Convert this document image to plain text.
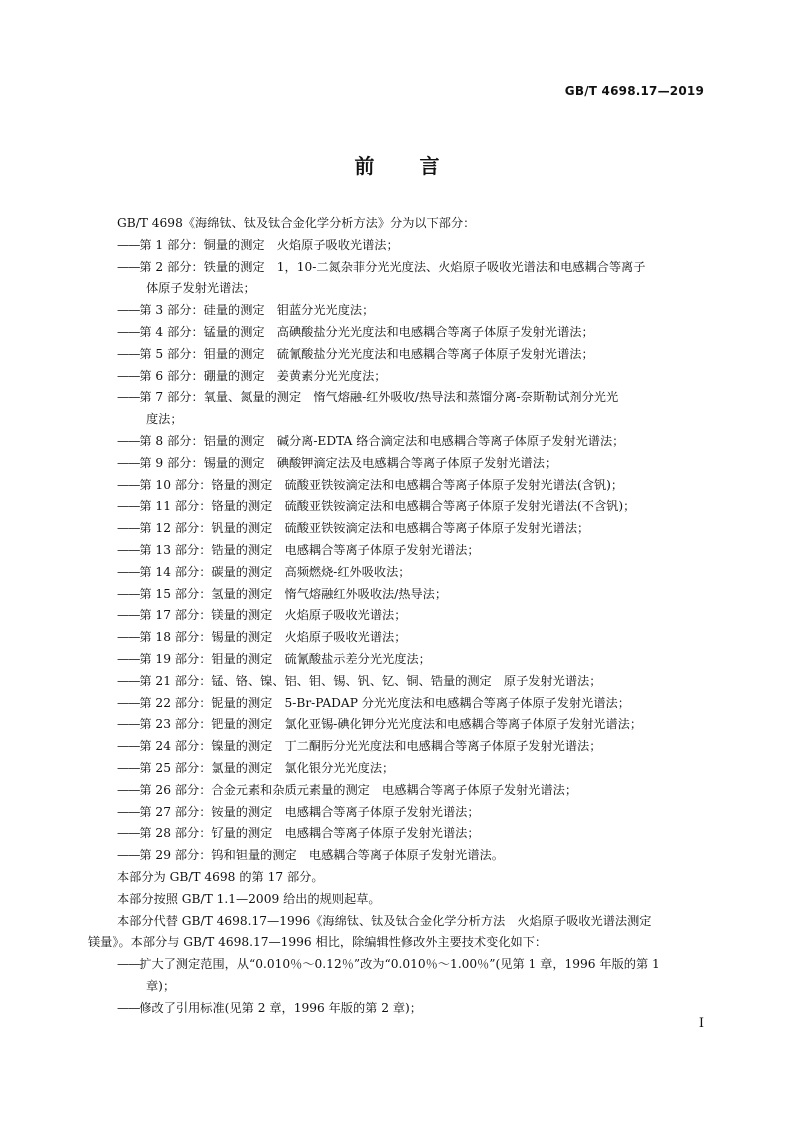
GB/T 4698.17—2019
前 言
GB/T 4698《海绵钛、钛及钛合金化学分析方法》分为以下部分：
——第 1 部分：铜量的测定　火焰原子吸收光谱法；
——第 2 部分：铁量的测定　1，10-二氮杂菲分光光度法、火焰原子吸收光谱法和电感耦合等离子
体原子发射光谱法；
——第 3 部分：硅量的测定　钼蓝分光光度法；
——第 4 部分：锰量的测定　高碘酸盐分光光度法和电感耦合等离子体原子发射光谱法；
——第 5 部分：钼量的测定　硫氰酸盐分光光度法和电感耦合等离子体原子发射光谱法；
——第 6 部分：硼量的测定　姜黄素分光光度法；
——第 7 部分：氧量、氮量的测定　惰气熔融-红外吸收/热导法和蒸馏分离-奈斯勒试剂分光光
度法；
——第 8 部分：铝量的测定　碱分离-EDTA 络合滴定法和电感耦合等离子体原子发射光谱法；
——第 9 部分：锡量的测定　碘酸钾滴定法及电感耦合等离子体原子发射光谱法；
——第 10 部分：铬量的测定　硫酸亚铁铵滴定法和电感耦合等离子体原子发射光谱法(含钒)；
——第 11 部分：铬量的测定　硫酸亚铁铵滴定法和电感耦合等离子体原子发射光谱法(不含钒)；
——第 12 部分：钒量的测定　硫酸亚铁铵滴定法和电感耦合等离子体原子发射光谱法；
——第 13 部分：锆量的测定　电感耦合等离子体原子发射光谱法；
——第 14 部分：碳量的测定　高频燃烧-红外吸收法；
——第 15 部分：氢量的测定　惰气熔融红外吸收法/热导法；
——第 17 部分：镁量的测定　火焰原子吸收光谱法；
——第 18 部分：锡量的测定　火焰原子吸收光谱法；
——第 19 部分：钼量的测定　硫氰酸盐示差分光光度法；
——第 21 部分：锰、铬、镍、铝、钼、锡、钒、钇、铜、锆量的测定　原子发射光谱法；
——第 22 部分：铌量的测定　5-Br-PADAP 分光光度法和电感耦合等离子体原子发射光谱法；
——第 23 部分：钯量的测定　氯化亚锡-碘化钾分光光度法和电感耦合等离子体原子发射光谱法；
——第 24 部分：镍量的测定　丁二酮肟分光光度法和电感耦合等离子体原子发射光谱法；
——第 25 部分：氯量的测定　氯化银分光光度法；
——第 26 部分：合金元素和杂质元素量的测定　电感耦合等离子体原子发射光谱法；
——第 27 部分：铵量的测定　电感耦合等离子体原子发射光谱法；
——第 28 部分：钌量的测定　电感耦合等离子体原子发射光谱法；
——第 29 部分：钨和钽量的测定　电感耦合等离子体原子发射光谱法。
本部分为 GB/T 4698 的第 17 部分。
本部分按照 GB/T 1.1—2009 给出的规则起草。
本部分代替 GB/T 4698.17—1996《海绵钛、钛及钛合金化学分析方法　火焰原子吸收光谱法测定
镁量》。本部分与 GB/T 4698.17—1996 相比，除编辑性修改外主要技术变化如下：
——扩大了测定范围，从“0.010％～0.12％”改为“0.010％～1.00％”(见第 1 章，1996 年版的第 1
章)；
——修改了引用标准(见第 2 章，1996 年版的第 2 章)；
I
